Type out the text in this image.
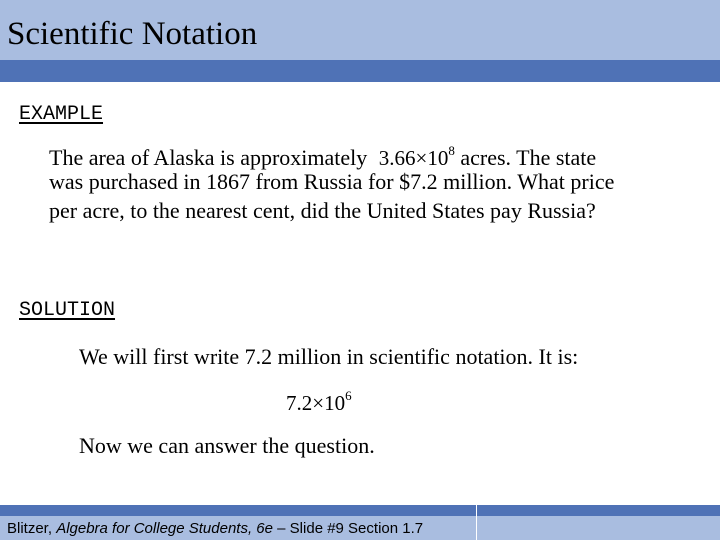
Scientific Notation
EXAMPLE
The area of Alaska is approximately $3.66\times 10^8$ acres. The state
was purchased in 1867 from Russia for $7.2 million. What price
per acre, to the nearest cent, did the United States pay Russia?
SOLUTION
We will first write 7.2 million in scientific notation. It is:
$7.2\times 10^6$
Now we can answer the question.
Blitzer, Algebra for College Students, 6e – Slide #9 Section 1.7
